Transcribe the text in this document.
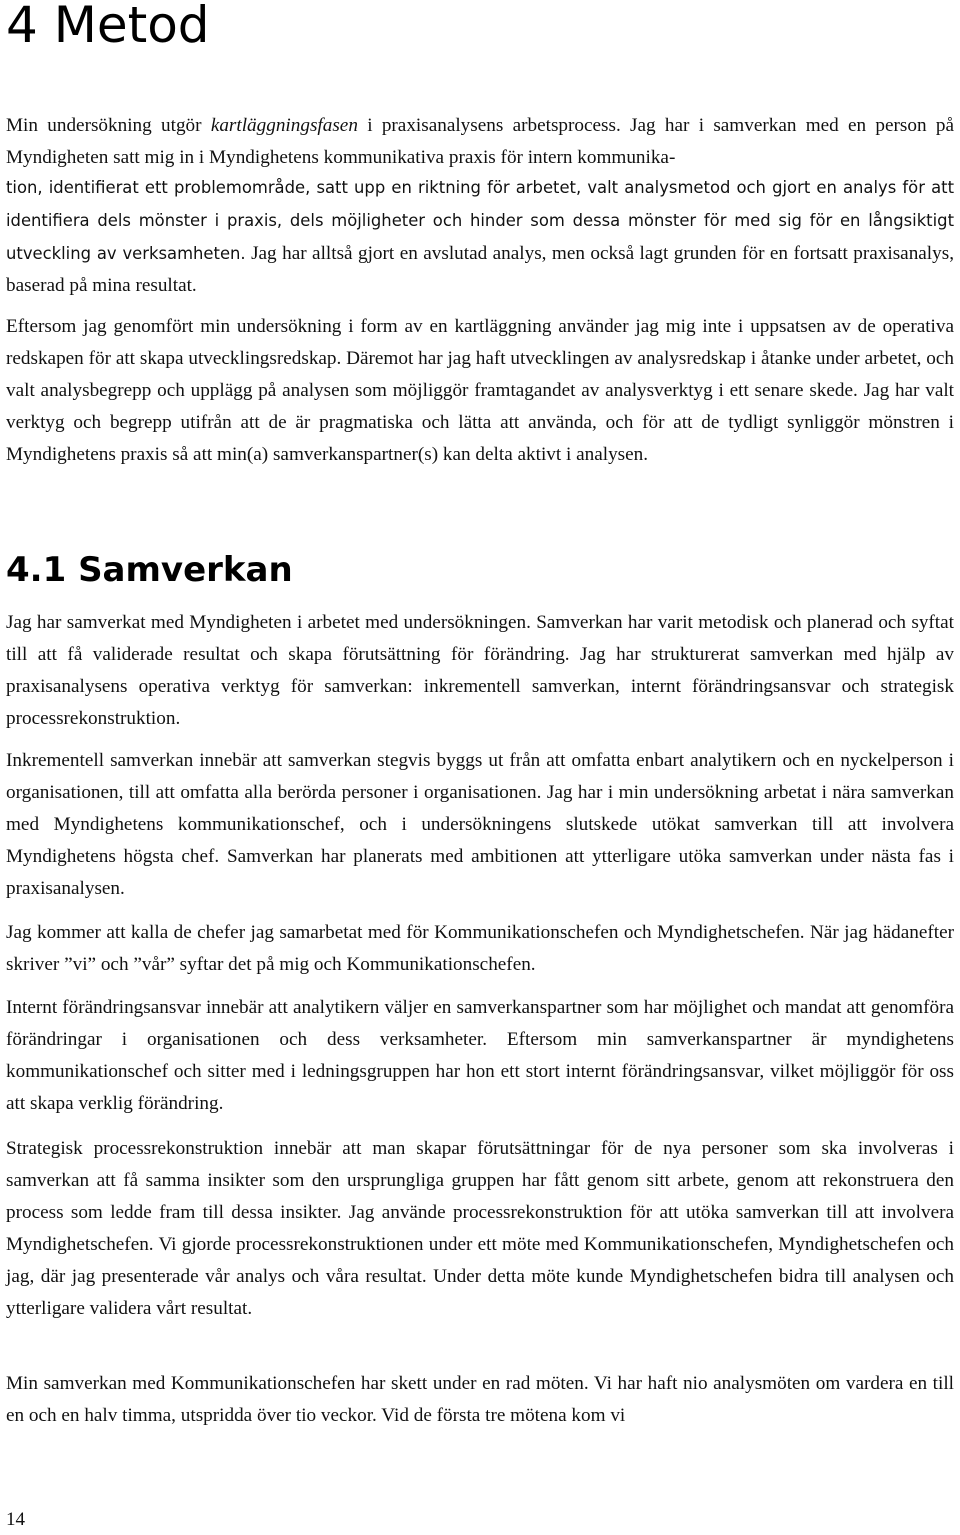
4 Metod

Min undersökning utgör kartläggningsfasen i praxisanalysens arbetsprocess. Jag har i samverkan med en person på Myndigheten satt mig in i Myndighetens kommunikativa praxis för intern kommunika-

tion, identifierat ett problemområde, satt upp en riktning för arbetet, valt analysmetod och gjort en analys för att identifiera dels mönster i praxis, dels möjligheter och hinder som dessa mönster för med sig för en långsiktigt utveckling av verksamheten. Jag har alltså gjort en avslutad analys, men också lagt grunden för en fortsatt praxisanalys, baserad på mina resultat.

Eftersom jag genomfört min undersökning i form av en kartläggning använder jag mig inte i uppsatsen av de operativa redskapen för att skapa utvecklingsredskap. Däremot har jag haft utvecklingen av analysredskap i åtanke under arbetet, och valt analysbegrepp och upplägg på analysen som möjliggör framtagandet av analysverktyg i ett senare skede. Jag har valt verktyg och begrepp utifrån att de är pragmatiska och lätta att använda, och för att de tydligt synliggör mönstren i Myndighetens praxis så att min(a) samverkanspartner(s) kan delta aktivt i analysen.

4.1 Samverkan

Jag har samverkat med Myndigheten i arbetet med undersökningen. Samverkan har varit metodisk och planerad och syftat till att få validerade resultat och skapa förutsättning för förändring. Jag har strukturerat samverkan med hjälp av praxisanalysens operativa verktyg för samverkan: inkrementell samverkan, internt förändringsansvar och strategisk processrekonstruktion.

Inkrementell samverkan innebär att samverkan stegvis byggs ut från att omfatta enbart analytikern och en nyckelperson i organisationen, till att omfatta alla berörda personer i organisationen. Jag har i min undersökning arbetat i nära samverkan med Myndighetens kommunikationschef, och i undersökningens slutskede utökat samverkan till att involvera Myndighetens högsta chef. Samverkan har planerats med ambitionen att ytterligare utöka samverkan under nästa fas i praxisanalysen.

Jag kommer att kalla de chefer jag samarbetat med för Kommunikationschefen och Myndighetschefen. När jag hädanefter skriver ”vi” och ”vår” syftar det på mig och Kommunikationschefen.

Internt förändringsansvar innebär att analytikern väljer en samverkanspartner som har möjlighet och mandat att genomföra förändringar i organisationen och dess verksamheter. Eftersom min samverkanspartner är myndighetens kommunikationschef och sitter med i ledningsgruppen har hon ett stort internt förändringsansvar, vilket möjliggör för oss att skapa verklig förändring.

Strategisk processrekonstruktion innebär att man skapar förutsättningar för de nya personer som ska involveras i samverkan att få samma insikter som den ursprungliga gruppen har fått genom sitt arbete, genom att rekonstruera den process som ledde fram till dessa insikter. Jag använde processrekonstruktion för att utöka samverkan till att involvera Myndighetschefen. Vi gjorde processrekonstruktionen under ett möte med Kommunikationschefen, Myndighetschefen och jag, där jag presenterade vår analys och våra resultat. Under detta möte kunde Myndighetschefen bidra till analysen och ytterligare validera vårt resultat.

Min samverkan med Kommunikationschefen har skett under en rad möten. Vi har haft nio analysmöten om vardera en till en och en halv timma, utspridda över tio veckor. Vid de första tre mötena kom vi

14
